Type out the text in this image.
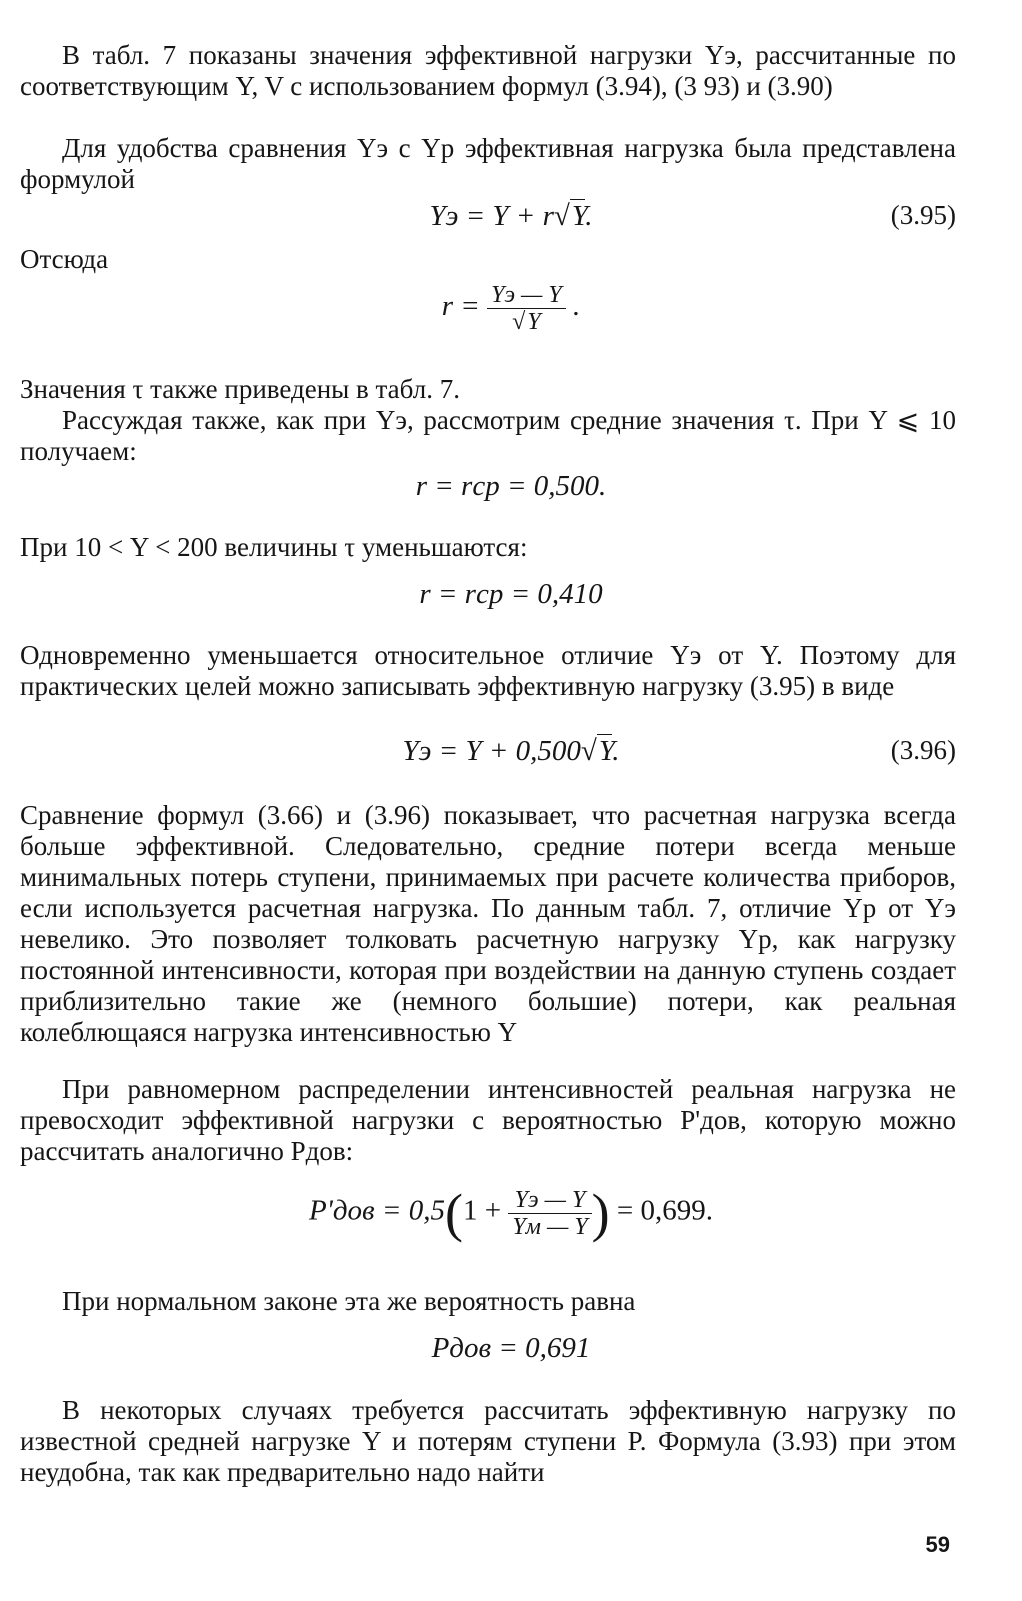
В табл. 7 показаны значения эффективной нагрузки Yэ, рассчитанные по соответствующим Y, V с использованием формул (3.94), (3 93) и (3.90)

Для удобства сравнения Yэ с Yр эффективная нагрузка была представлена формулой

Yэ = Y + r√Y.	(3.95)

Отсюда

$r = \frac{Yэ — Y}{√Y}$ .

Значения τ также приведены в табл. 7.

Рассуждая также, как при Yэ, рассмотрим средние значения τ. При Y ⩽ 10 получаем:

r = rср = 0,500.

При 10 < Y < 200 величины τ уменьшаются:

r = rср = 0,410

Одновременно уменьшается относительное отличие Yэ от Y. Поэтому для практических целей можно записывать эффективную нагрузку (3.95) в виде

Yэ = Y + 0,500√Y.	(3.96)

Сравнение формул (3.66) и (3.96) показывает, что расчетная нагрузка всегда больше эффективной. Следовательно, средние потери всегда меньше минимальных потерь ступени, принимаемых при расчете количества приборов, если используется расчетная нагрузка. По данным табл. 7, отличие Yр от Yэ невелико. Это позволяет толковать расчетную нагрузку Yр, как нагрузку постоянной интенсивности, которая при воздействии на данную ступень создает приблизительно такие же (немного большие) потери, как реальная колеблющаяся нагрузка интенсивностью Y

При равномерном распределении интенсивностей реальная нагрузка не превосходит эффективной нагрузки с вероятностью P'дов, которую можно рассчитать аналогично Pдов:

$P'дов = 0,5(1 + \frac{Yэ — Y}{Yм — Y}$ ) = 0,699.

При нормальном законе эта же вероятность равна

Pдов = 0,691

В некоторых случаях требуется рассчитать эффективную нагрузку по известной средней нагрузке Y и потерям ступени P. Формула (3.93) при этом неудобна, так как предварительно надо найти

59
